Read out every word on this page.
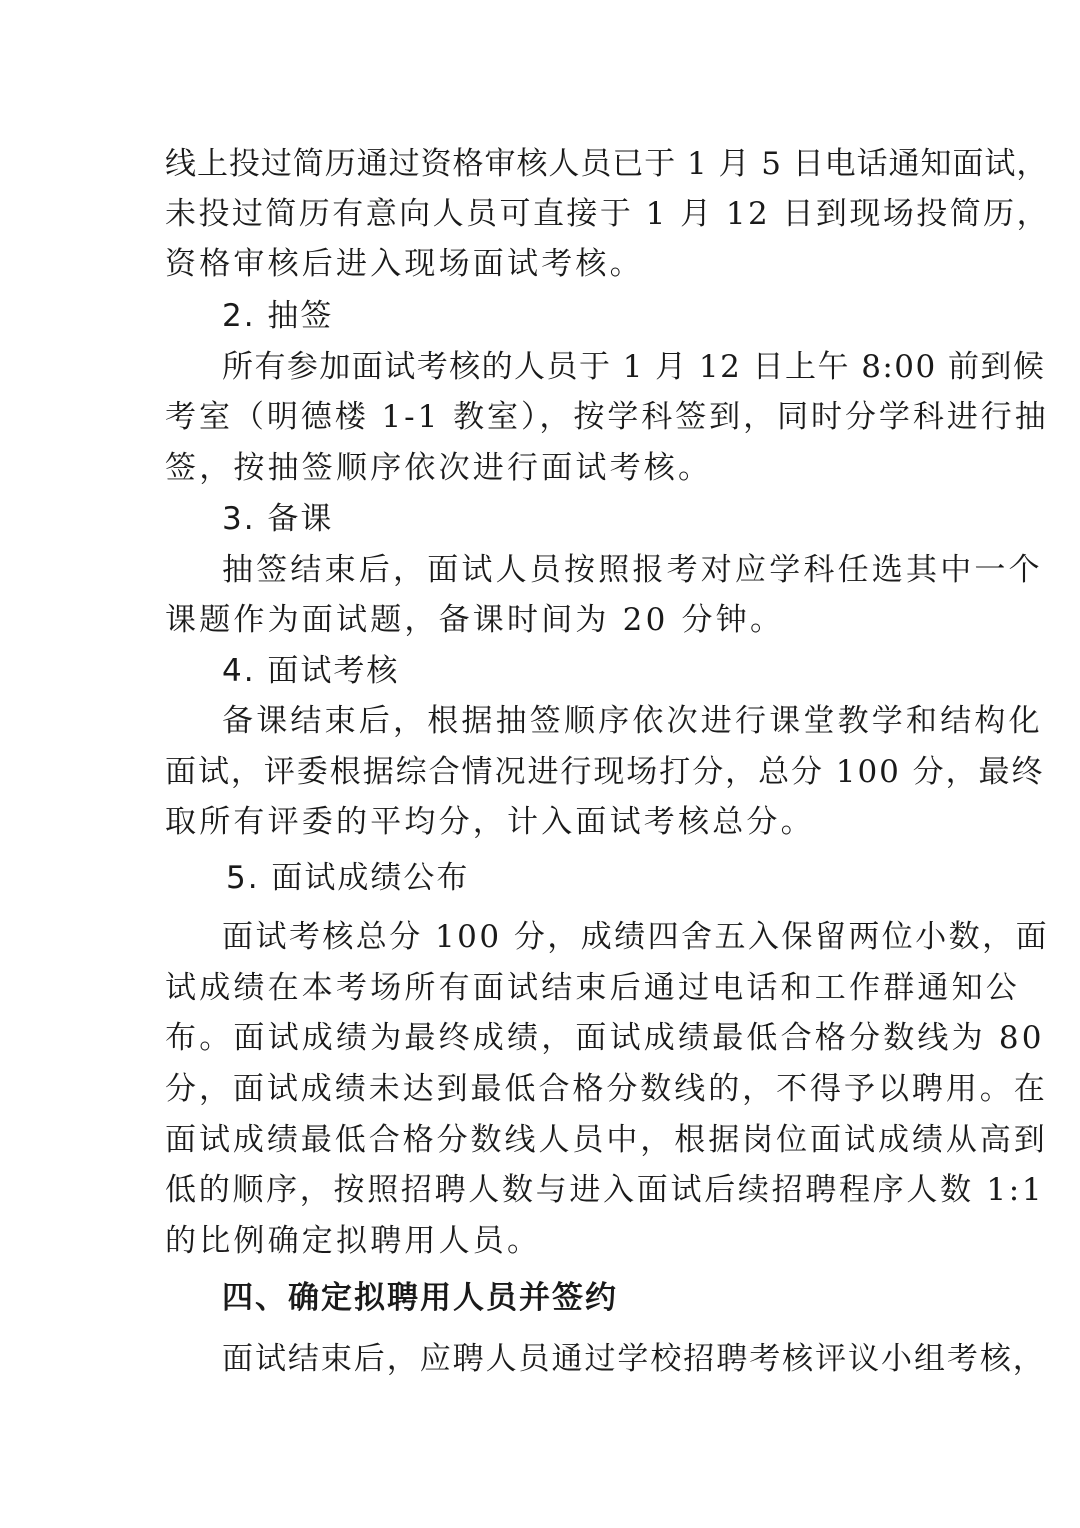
线上投过简历通过资格审核人员已于 1 月 5 日电话通知面试，
未投过简历有意向人员可直接于 1 月 12 日到现场投简历，
资格审核后进入现场面试考核。
2. 抽签
所有参加面试考核的人员于 1 月 12 日上午 8:00 前到候
考室（明德楼 1-1 教室），按学科签到，同时分学科进行抽
签，按抽签顺序依次进行面试考核。
3. 备课
抽签结束后，面试人员按照报考对应学科任选其中一个
课题作为面试题，备课时间为 20 分钟。
4. 面试考核
备课结束后，根据抽签顺序依次进行课堂教学和结构化
面试，评委根据综合情况进行现场打分，总分 100 分，最终
取所有评委的平均分，计入面试考核总分。
5. 面试成绩公布
面试考核总分 100 分，成绩四舍五入保留两位小数，面
试成绩在本考场所有面试结束后通过电话和工作群通知公
布。面试成绩为最终成绩，面试成绩最低合格分数线为 80
分，面试成绩未达到最低合格分数线的，不得予以聘用。在
面试成绩最低合格分数线人员中，根据岗位面试成绩从高到
低的顺序，按照招聘人数与进入面试后续招聘程序人数 1:1
的比例确定拟聘用人员。
四、确定拟聘用人员并签约
面试结束后，应聘人员通过学校招聘考核评议小组考核，
